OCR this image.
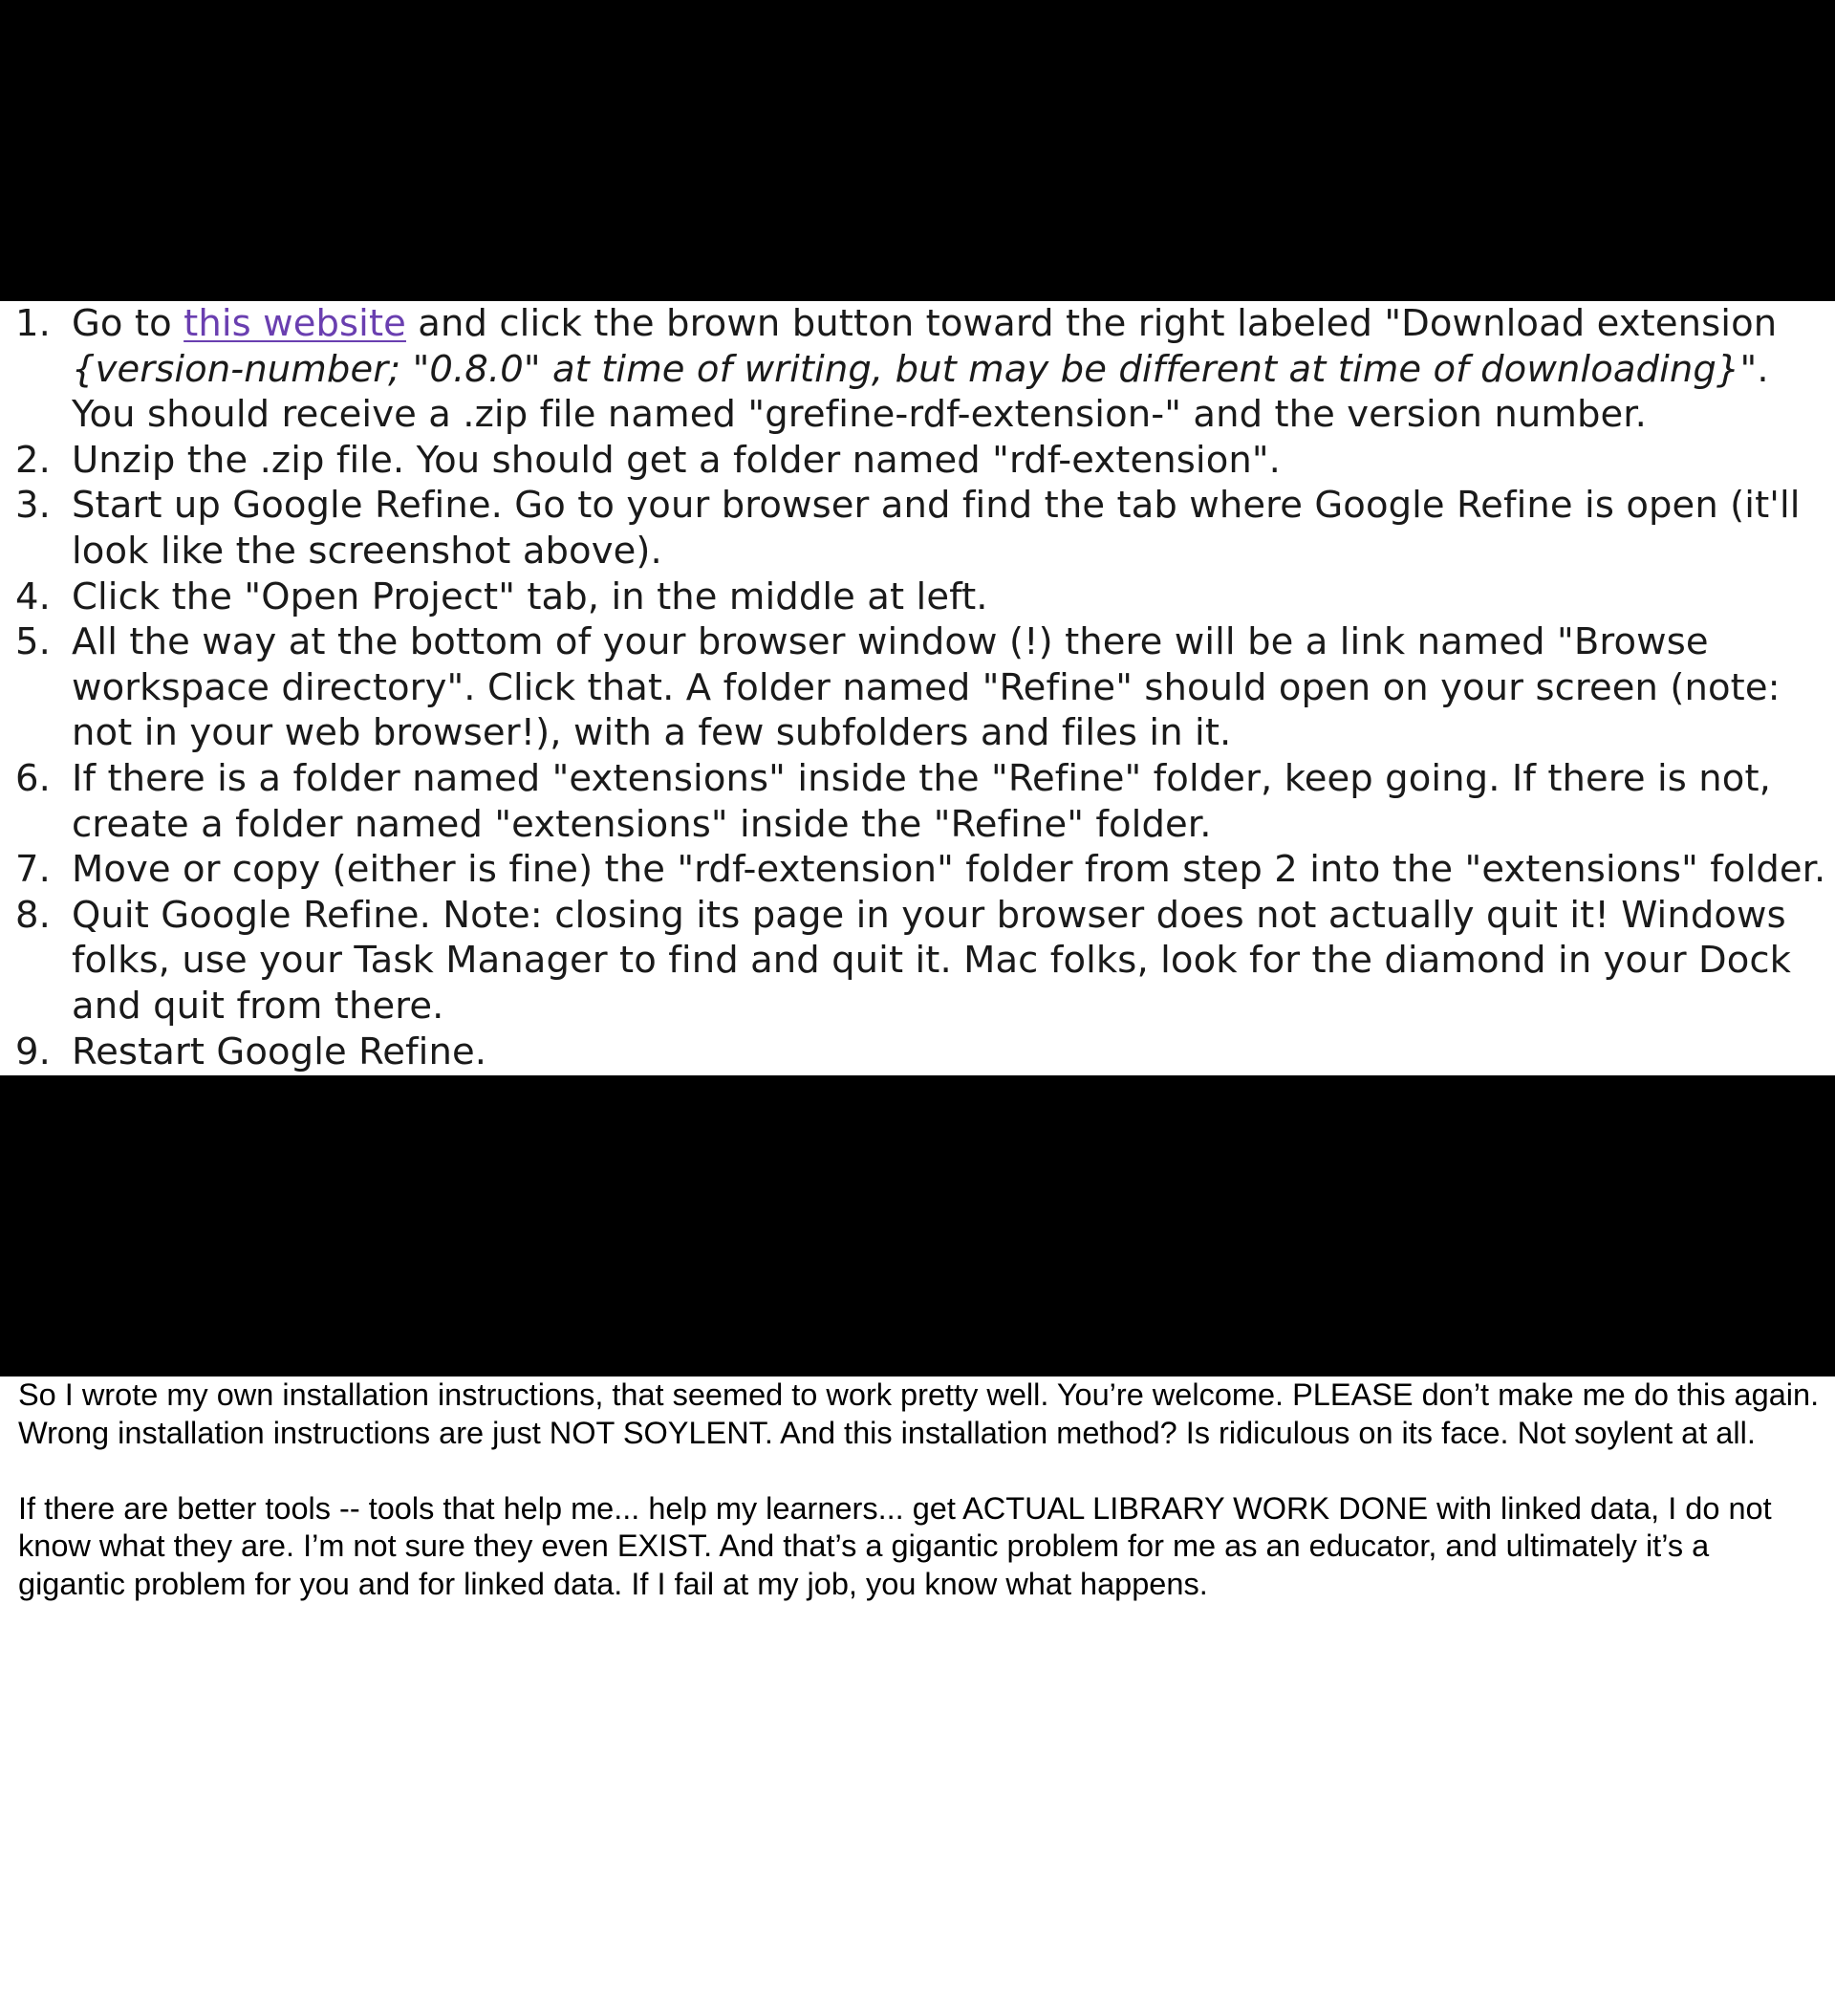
1. Go to this website and click the brown button toward the right labeled "Download extension {version-number; "0.8.0" at time of writing, but may be different at time of downloading}". You should receive a .zip file named "grefine-rdf-extension-" and the version number.
2. Unzip the .zip file. You should get a folder named "rdf-extension".
3. Start up Google Refine. Go to your browser and find the tab where Google Refine is open (it'll look like the screenshot above).
4. Click the "Open Project" tab, in the middle at left.
5. All the way at the bottom of your browser window (!) there will be a link named "Browse workspace directory". Click that. A folder named "Refine" should open on your screen (note: not in your web browser!), with a few subfolders and files in it.
6. If there is a folder named "extensions" inside the "Refine" folder, keep going. If there is not, create a folder named "extensions" inside the "Refine" folder.
7. Move or copy (either is fine) the "rdf-extension" folder from step 2 into the "extensions" folder.
8. Quit Google Refine. Note: closing its page in your browser does not actually quit it! Windows folks, use your Task Manager to find and quit it. Mac folks, look for the diamond in your Dock and quit from there.
9. Restart Google Refine.

So I wrote my own installation instructions, that seemed to work pretty well. You’re welcome. PLEASE don’t make me do this again. Wrong installation instructions are just NOT SOYLENT. And this installation method? Is ridiculous on its face. Not soylent at all.

If there are better tools -- tools that help me... help my learners... get ACTUAL LIBRARY WORK DONE with linked data, I do not know what they are. I’m not sure they even EXIST. And that’s a gigantic problem for me as an educator, and ultimately it’s a gigantic problem for you and for linked data. If I fail at my job, you know what happens.
